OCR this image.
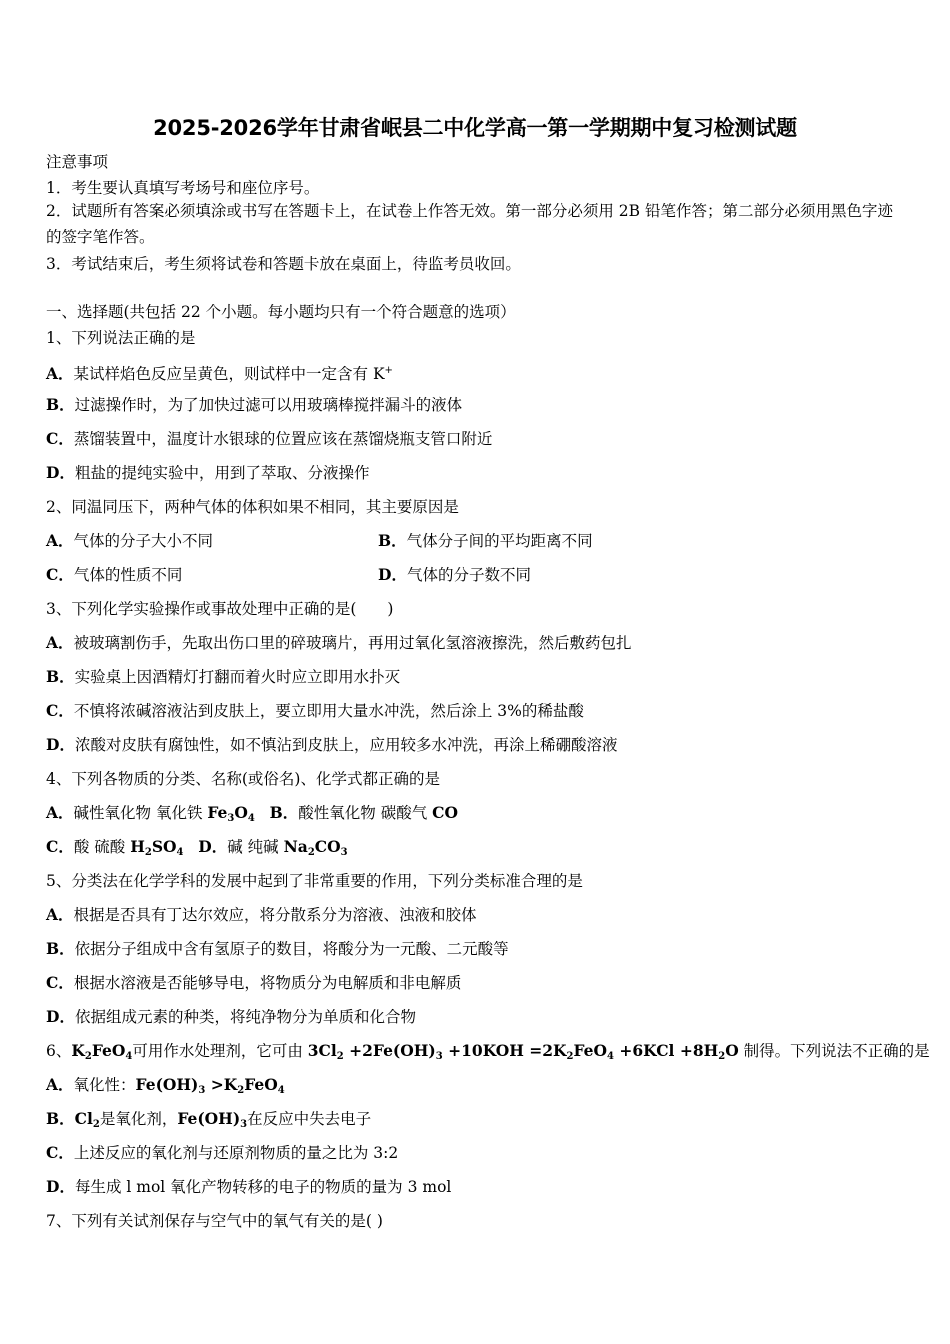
2025-2026学年甘肃省岷县二中化学高一第一学期期中复习检测试题
注意事项
1．考生要认真填写考场号和座位序号。
2．试题所有答案必须填涂或书写在答题卡上，在试卷上作答无效。第一部分必须用 2B 铅笔作答；第二部分必须用黑色字迹的签字笔作答。
3．考试结束后，考生须将试卷和答题卡放在桌面上，待监考员收回。
一、选择题(共包括 22 个小题。每小题均只有一个符合题意的选项）
1、下列说法正确的是
A．某试样焰色反应呈黄色，则试样中一定含有 K+
B．过滤操作时，为了加快过滤可以用玻璃棒搅拌漏斗的液体
C．蒸馏装置中，温度计水银球的位置应该在蒸馏烧瓶支管口附近
D．粗盐的提纯实验中，用到了萃取、分液操作
2、同温同压下，两种气体的体积如果不相同，其主要原因是
A．气体的分子大小不同	B．气体分子间的平均距离不同
C．气体的性质不同	D．气体的分子数不同
3、下列化学实验操作或事故处理中正确的是(　　)
A．被玻璃割伤手，先取出伤口里的碎玻璃片，再用过氧化氢溶液擦洗，然后敷药包扎
B．实验桌上因酒精灯打翻而着火时应立即用水扑灭
C．不慎将浓碱溶液沾到皮肤上，要立即用大量水冲洗，然后涂上 3%的稀盐酸
D．浓酸对皮肤有腐蚀性，如不慎沾到皮肤上，应用较多水冲洗，再涂上稀硼酸溶液
4、下列各物质的分类、名称(或俗名)、化学式都正确的是
A．碱性氧化物 氧化铁 $Fe_3O_4$ B．酸性氧化物 碳酸气 CO
C．酸 硫酸 $H_2SO_4$ D．碱 纯碱 $Na_2CO_3$
5、分类法在化学学科的发展中起到了非常重要的作用，下列分类标准合理的是
A．根据是否具有丁达尔效应，将分散系分为溶液、浊液和胶体
B．依据分子组成中含有氢原子的数目，将酸分为一元酸、二元酸等
C．根据水溶液是否能够导电，将物质分为电解质和非电解质
D．依据组成元素的种类，将纯净物分为单质和化合物
6、$K_2FeO_4$可用作水处理剂，它可由 $3Cl_2 +2Fe(OH)_3 +10KOH =2K_2FeO_4 +6KCl +8H_2O$ 制得。下列说法不正确的是
A．氧化性：$Fe(OH)_3 >K_2FeO_4$
B．$Cl_2$是氧化剂，$Fe(OH)_3$在反应中失去电子
C．上述反应的氧化剂与还原剂物质的量之比为 3:2
D．每生成 l mol 氧化产物转移的电子的物质的量为 3 mol
7、下列有关试剂保存与空气中的氧气有关的是( )
